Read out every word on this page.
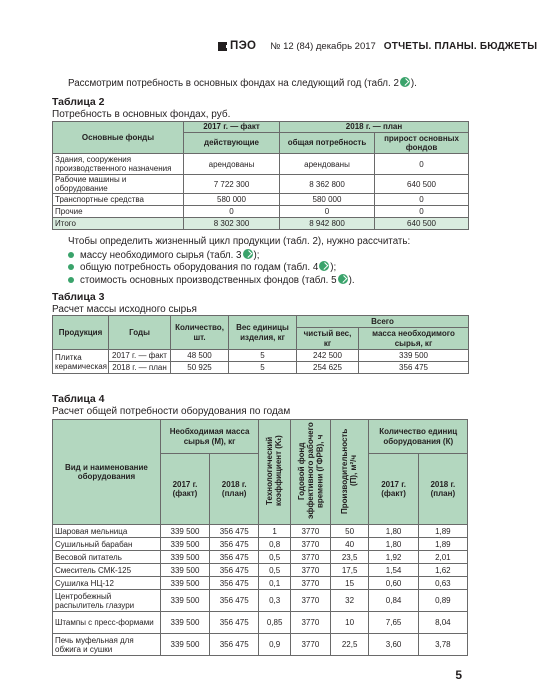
ПЭО № 12 (84) декабрь 2017 ОТЧЕТЫ. ПЛАНЫ. БЮДЖЕТЫ
Рассмотрим потребность в основных фондах на следующий год (табл. 2 ).
Таблица 2
Потребность в основных фондах, руб.
Основные фонды	2017 г. — факт	2018 г. — план	
	действующие	общая потребность	прирост основных фондов
Здания, сооружения производственного назначения	арендованы	арендованы	0
Рабочие машины и оборудование	7 722 300	8 362 800	640 500
Транспортные средства	580 000	580 000	0
Прочие	0	0	0
Итого	8 302 300	8 942 800	640 500
Чтобы определить жизненный цикл продукции (табл. 2), нужно рассчитать:
массу необходимого сырья (табл. 3 );
общую потребность оборудования по годам (табл. 4 );
стоимость основных производственных фондов (табл. 5 ).
Таблица 3
Расчет массы исходного сырья
Продукция	Годы	Количество, шт.	Вес единицы изделия, кг	Всего	
				чистый вес, кг	масса необходимого сырья, кг
Плитка керамическая	2017 г. — факт	48 500	5	242 500	339 500
	2018 г. — план	50 925	5	254 625	356 475
Таблица 4
Расчет общей потребности оборудования по годам
Вид и наименование оборудования	Необходимая масса сырья (М), кг		Технологический коэффициент (Kₜ)	Годовой фонд эффективного рабочего времени (ГФРВ), ч	Производительность (П), м²/ч	Количество единиц оборудования (К)	
	2017 г. (факт)	2018 г. (план)				2017 г. (факт)	2018 г. (план)
Шаровая мельница	339 500	356 475	1	3770	50	1,80	1,89
Сушильный барабан	339 500	356 475	0,8	3770	40	1,80	1,89
Весовой питатель	339 500	356 475	0,5	3770	23,5	1,92	2,01
Смеситель СМК-125	339 500	356 475	0,5	3770	17,5	1,54	1,62
Сушилка НЦ-12	339 500	356 475	0,1	3770	15	0,60	0,63
Центробежный распылитель глазури	339 500	356 475	0,3	3770	32	0,84	0,89
Штампы с пресс-формами	339 500	356 475	0,85	3770	10	7,65	8,04
Печь муфельная для обжига и сушки	339 500	356 475	0,9	3770	22,5	3,60	3,78
5
